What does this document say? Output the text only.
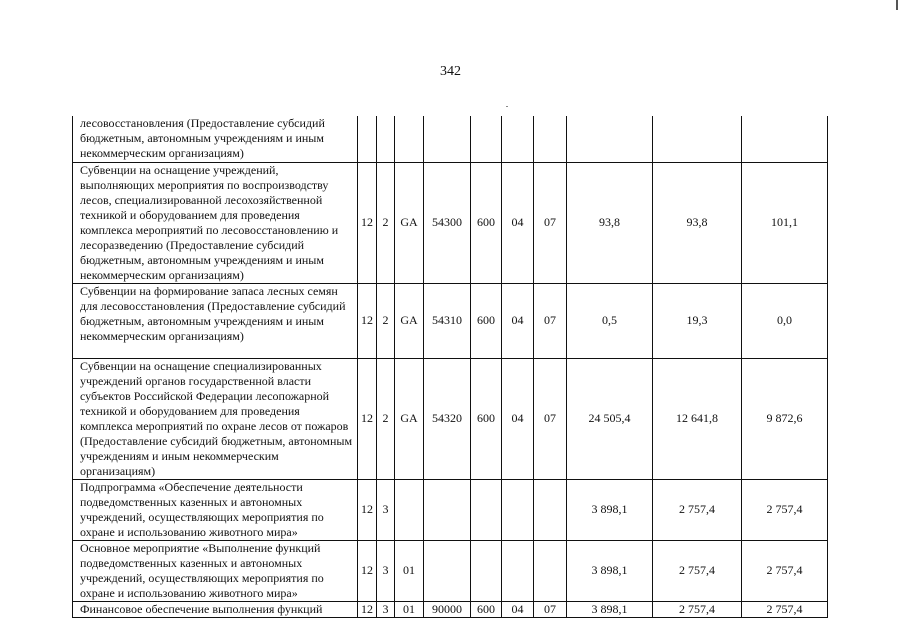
342
лесовосстановления (Предоставление субсидий бюджетным, автономным учреждениям и иным некоммерческим организациям)										
Субвенции на оснащение учреждений, выполняющих мероприятия по воспроизводству лесов, специализированной лесохозяйственной техникой и оборудованием для проведения комплекса мероприятий по лесовосстановлению и лесоразведению (Предоставление субсидий бюджетным, автономным учреждениям и иным некоммерческим организациям)	12	2	GA	54300	600	04	07	93,8	93,8	101,1
Субвенции на формирование запаса лесных семян для лесовосстановления (Предоставление субсидий бюджетным, автономным учреждениям и иным некоммерческим организациям)	12	2	GA	54310	600	04	07	0,5	19,3	0,0
Субвенции на оснащение специализированных учреждений органов государственной власти субъектов Российской Федерации лесопожарной техникой и оборудованием для проведения комплекса мероприятий по охране лесов от пожаров (Предоставление субсидий бюджетным, автономным учреждениям и иным некоммерческим организациям)	12	2	GA	54320	600	04	07	24 505,4	12 641,8	9 872,6
Подпрограмма «Обеспечение деятельности подведомственных казенных и автономных учреждений, осуществляющих мероприятия по охране и использованию животного мира»	12	3						3 898,1	2 757,4	2 757,4
Основное мероприятие «Выполнение функций подведомственных казенных и автономных учреждений, осуществляющих мероприятия по охране и использованию животного мира»	12	3	01					3 898,1	2 757,4	2 757,4
Финансовое обеспечение выполнения функций	12	3	01	90000	600	04	07	3 898,1	2 757,4	2 757,4
